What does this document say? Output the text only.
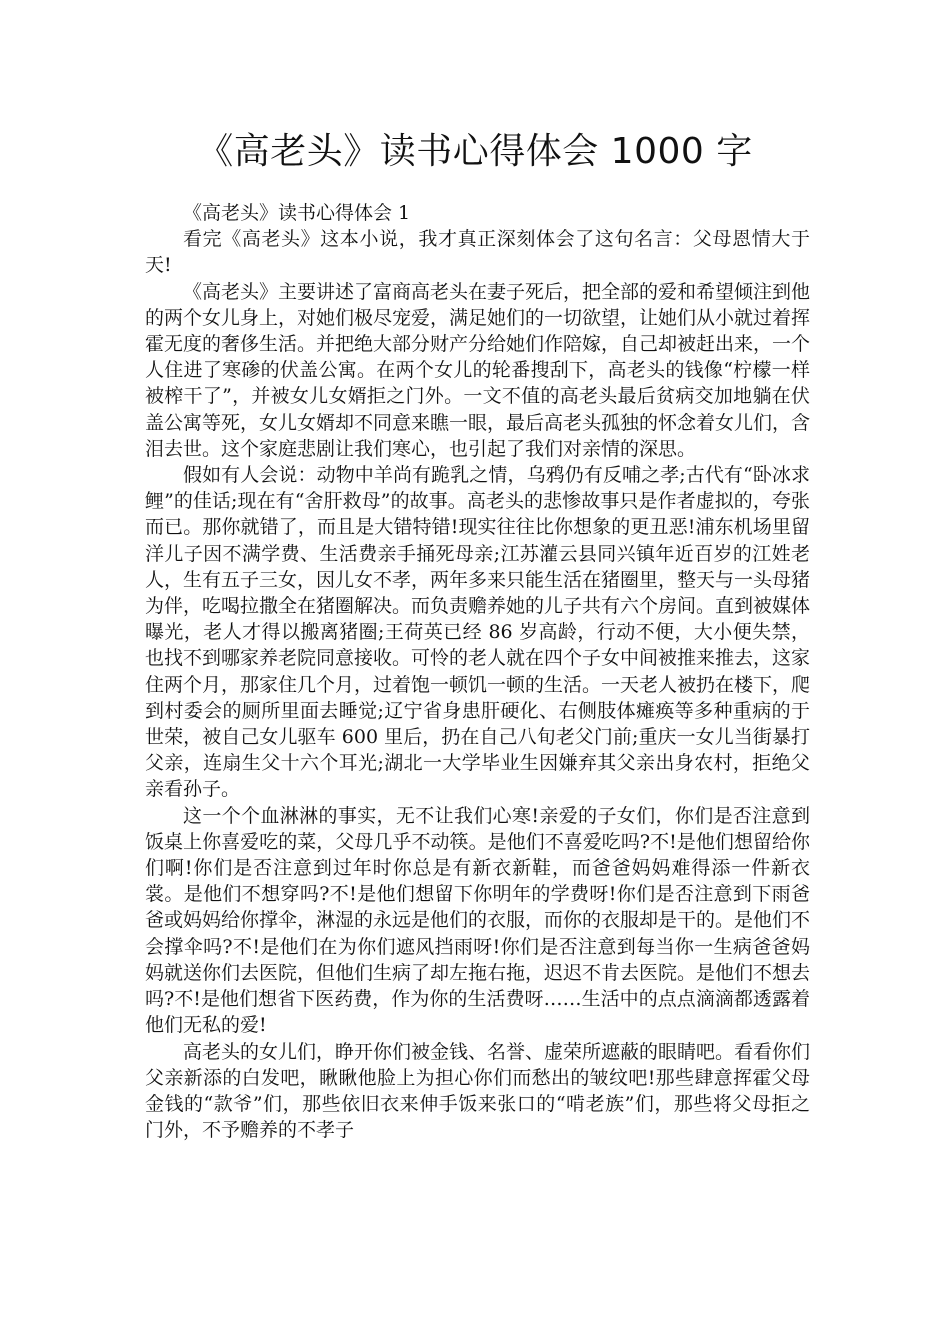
《高老头》读书心得体会 1000 字

《高老头》读书心得体会 1

看完《高老头》这本小说，我才真正深刻体会了这句名言：父母恩情大于天!

《高老头》主要讲述了富商高老头在妻子死后，把全部的爱和希望倾注到他的两个女儿身上，对她们极尽宠爱，满足她们的一切欲望，让她们从小就过着挥霍无度的奢侈生活。并把绝大部分财产分给她们作陪嫁，自己却被赶出来，一个人住进了寒碜的伏盖公寓。在两个女儿的轮番搜刮下，高老头的钱像“柠檬一样被榨干了”，并被女儿女婿拒之门外。一文不值的高老头最后贫病交加地躺在伏盖公寓等死，女儿女婿却不同意来瞧一眼，最后高老头孤独的怀念着女儿们，含泪去世。这个家庭悲剧让我们寒心，也引起了我们对亲情的深思。

假如有人会说：动物中羊尚有跪乳之情，乌鸦仍有反哺之孝;古代有“卧冰求鲤”的佳话;现在有“舍肝救母”的故事。高老头的悲惨故事只是作者虚拟的，夸张而已。那你就错了，而且是大错特错!现实往往比你想象的更丑恶!浦东机场里留洋儿子因不满学费、生活费亲手捅死母亲;江苏灌云县同兴镇年近百岁的江姓老人，生有五子三女，因儿女不孝，两年多来只能生活在猪圈里，整天与一头母猪为伴，吃喝拉撒全在猪圈解决。而负责赡养她的儿子共有六个房间。直到被媒体曝光，老人才得以搬离猪圈;王荷英已经 86 岁高龄，行动不便，大小便失禁，也找不到哪家养老院同意接收。可怜的老人就在四个子女中间被推来推去，这家住两个月，那家住几个月，过着饱一顿饥一顿的生活。一天老人被扔在楼下，爬到村委会的厕所里面去睡觉;辽宁省身患肝硬化、右侧肢体瘫痪等多种重病的于世荣，被自己女儿驱车 600 里后，扔在自己八旬老父门前;重庆一女儿当街暴打父亲，连扇生父十六个耳光;湖北一大学毕业生因嫌弃其父亲出身农村，拒绝父亲看孙子。

这一个个血淋淋的事实，无不让我们心寒!亲爱的子女们，你们是否注意到饭桌上你喜爱吃的菜，父母几乎不动筷。是他们不喜爱吃吗?不!是他们想留给你们啊!你们是否注意到过年时你总是有新衣新鞋，而爸爸妈妈难得添一件新衣裳。是他们不想穿吗?不!是他们想留下你明年的学费呀!你们是否注意到下雨爸爸或妈妈给你撑伞，淋湿的永远是他们的衣服，而你的衣服却是干的。是他们不会撑伞吗?不!是他们在为你们遮风挡雨呀!你们是否注意到每当你一生病爸爸妈妈就送你们去医院，但他们生病了却左拖右拖，迟迟不肯去医院。是他们不想去吗?不!是他们想省下医药费，作为你的生活费呀……生活中的点点滴滴都透露着他们无私的爱!

高老头的女儿们，睁开你们被金钱、名誉、虚荣所遮蔽的眼睛吧。看看你们父亲新添的白发吧，瞅瞅他脸上为担心你们而愁出的皱纹吧!那些肆意挥霍父母金钱的“款爷”们，那些依旧衣来伸手饭来张口的“啃老族”们，那些将父母拒之门外，不予赡养的不孝子
